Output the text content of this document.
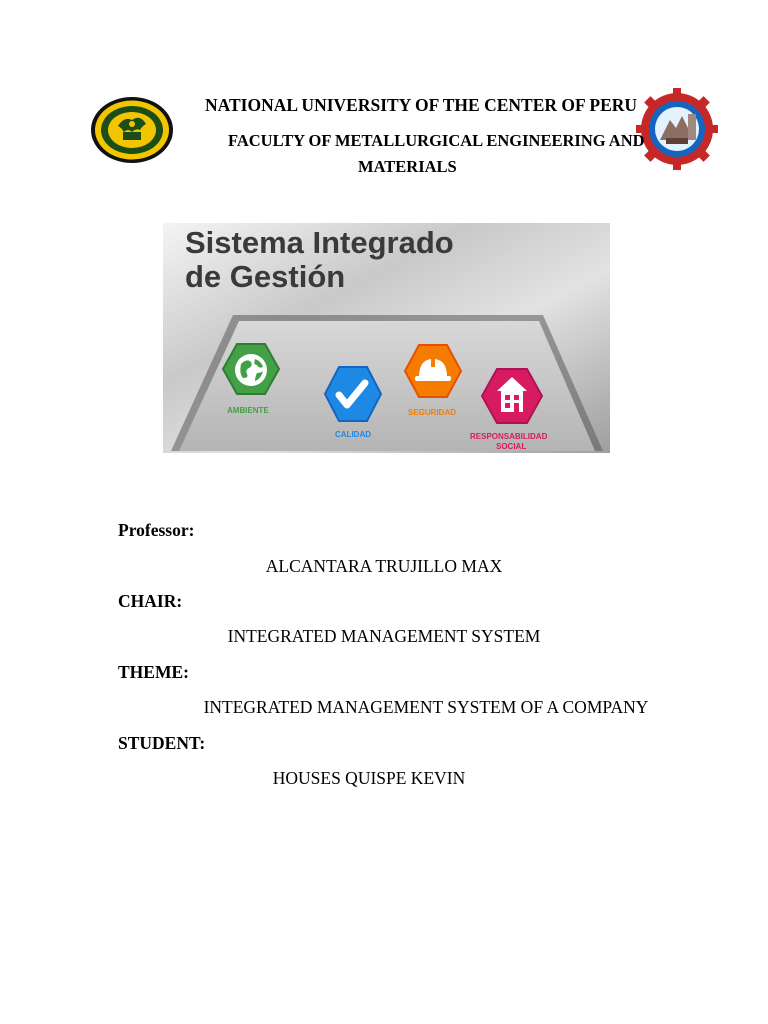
NATIONAL UNIVERSITY OF THE CENTER OF PERU
FACULTY OF METALLURGICAL ENGINEERING AND
MATERIALS
Sistema Integrado
de Gestión
AMBIENTE
CALIDAD
SEGURIDAD
RESPONSABILIDAD
SOCIAL
Professor:
ALCANTARA TRUJILLO MAX
CHAIR:
INTEGRATED MANAGEMENT SYSTEM
THEME:
INTEGRATED MANAGEMENT SYSTEM OF A COMPANY
STUDENT:
HOUSES QUISPE KEVIN
